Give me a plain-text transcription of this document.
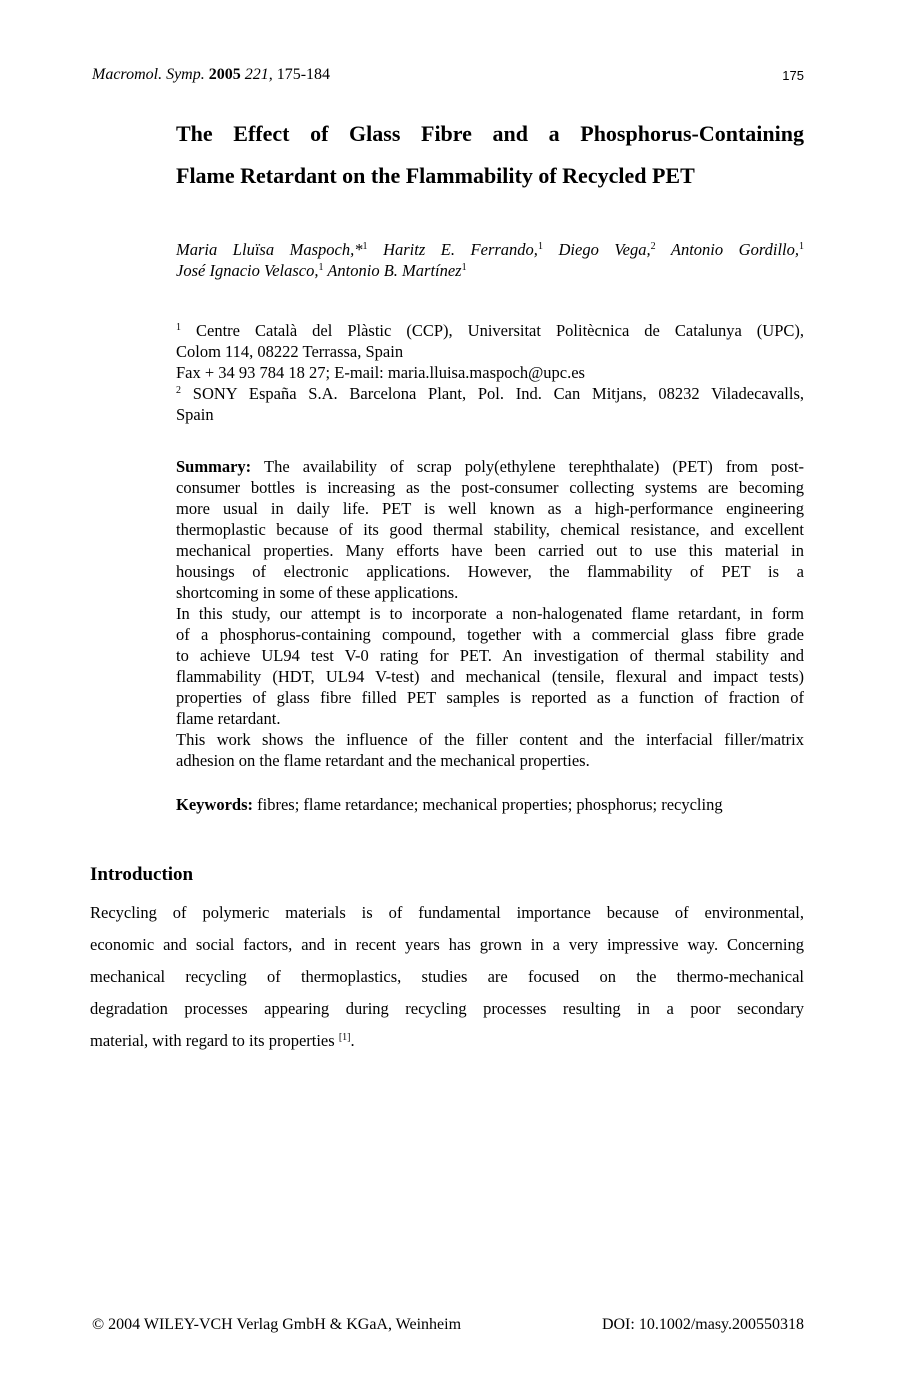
Macromol. Symp. 2005 221, 175-184	175
The Effect of Glass Fibre and a Phosphorus-Containing
Flame Retardant on the Flammability of Recycled PET
Maria Lluïsa Maspoch,*$^1$ Haritz E. Ferrando,$^1$ Diego Vega,$^2$ Antonio Gordillo,$^1$
José Ignacio Velasco,$^1$ Antonio B. Martínez$^1$
$^1$ Centre Català del Plàstic (CCP), Universitat Politècnica de Catalunya (UPC),
Colom 114, 08222 Terrassa, Spain
Fax + 34 93 784 18 27; E-mail: maria.lluisa.maspoch@upc.es
$^2$ SONY España S.A. Barcelona Plant, Pol. Ind. Can Mitjans, 08232 Viladecavalls,
Spain
Summary: The availability of scrap poly(ethylene terephthalate) (PET) from post-
consumer bottles is increasing as the post-consumer collecting systems are becoming
more usual in daily life. PET is well known as a high-performance engineering
thermoplastic because of its good thermal stability, chemical resistance, and excellent
mechanical properties. Many efforts have been carried out to use this material in
housings of electronic applications. However, the flammability of PET is a
shortcoming in some of these applications.
In this study, our attempt is to incorporate a non-halogenated flame retardant, in form
of a phosphorus-containing compound, together with a commercial glass fibre grade
to achieve UL94 test V-0 rating for PET. An investigation of thermal stability and
flammability (HDT, UL94 V-test) and mechanical (tensile, flexural and impact tests)
properties of glass fibre filled PET samples is reported as a function of fraction of
flame retardant.
This work shows the influence of the filler content and the interfacial filler/matrix
adhesion on the flame retardant and the mechanical properties.
Keywords: fibres; flame retardance; mechanical properties; phosphorus; recycling
Introduction
Recycling of polymeric materials is of fundamental importance because of environmental,
economic and social factors, and in recent years has grown in a very impressive way. Concerning
mechanical recycling of thermoplastics, studies are focused on the thermo-mechanical
degradation processes appearing during recycling processes resulting in a poor secondary
material, with regard to its properties [1].
© 2004 WILEY-VCH Verlag GmbH & KGaA, Weinheim	DOI: 10.1002/masy.200550318
